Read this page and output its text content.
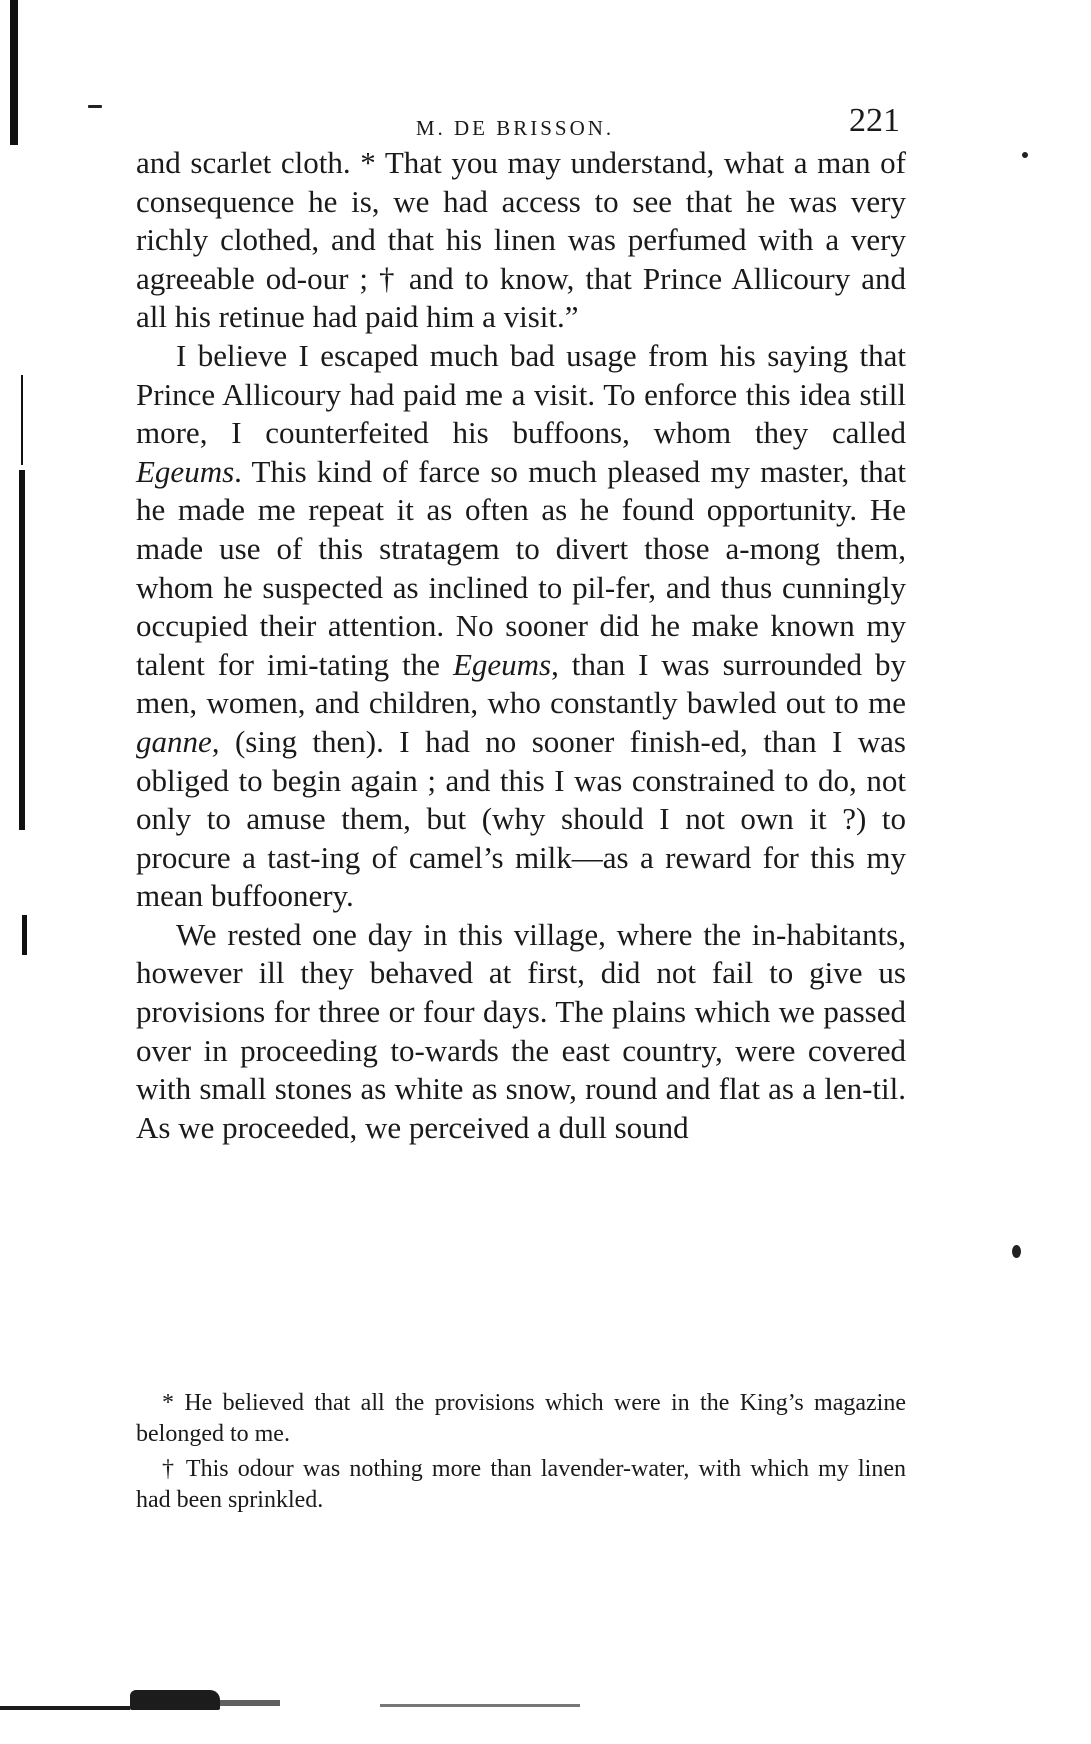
M. DE BRISSON.	221

and scarlet cloth. * That you may understand, what a man of consequence he is, we had access to see that he was very richly clothed, and that his linen was perfumed with a very agreeable od-our ; † and to know, that Prince Allicoury and all his retinue had paid him a visit.”

I believe I escaped much bad usage from his saying that Prince Allicoury had paid me a visit. To enforce this idea still more, I counterfeited his buffoons, whom they called Egeums. This kind of farce so much pleased my master, that he made me repeat it as often as he found opportunity. He made use of this stratagem to divert those a-mong them, whom he suspected as inclined to pil-fer, and thus cunningly occupied their attention. No sooner did he make known my talent for imi-tating the Egeums, than I was surrounded by men, women, and children, who constantly bawled out to me ganne, (sing then). I had no sooner finish-ed, than I was obliged to begin again ; and this I was constrained to do, not only to amuse them, but (why should I not own it ?) to procure a tast-ing of camel’s milk—as a reward for this my mean buffoonery.

We rested one day in this village, where the in-habitants, however ill they behaved at first, did not fail to give us provisions for three or four days. The plains which we passed over in proceeding to-wards the east country, were covered with small stones as white as snow, round and flat as a len-til. As we proceeded, we perceived a dull sound

* He believed that all the provisions which were in the King’s magazine belonged to me.

† This odour was nothing more than lavender-water, with which my linen had been sprinkled.
